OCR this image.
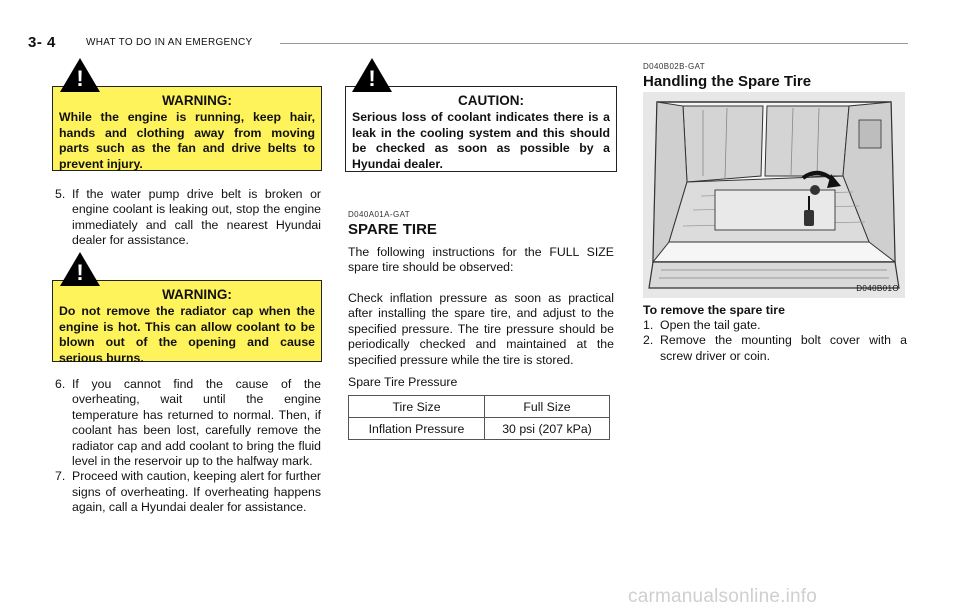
3- 4	WHAT TO DO IN AN EMERGENCY
WARNING:
While the engine is running, keep hair, hands and clothing away from moving parts such as the fan and drive belts to prevent injury.
!
5. If the water pump drive belt is broken or engine coolant is leaking out, stop the engine immediately and call the nearest Hyundai dealer for assistance.
WARNING:
Do not remove the radiator cap when the engine is hot. This can allow coolant to be blown out of the opening and cause serious burns.
!
6. If you cannot find the cause of the overheating, wait until the engine temperature has returned to normal. Then, if coolant has been lost, carefully remove the radiator cap and add coolant to bring the fluid level in the reservoir up to the halfway mark.
7. Proceed with caution, keeping alert for further signs of overheating. If overheating happens again, call a Hyundai dealer for assistance.
CAUTION:
Serious loss of coolant indicates there is a leak in the cooling system and this should be checked as soon as possible by a Hyundai dealer.
!
D040A01A-GAT
SPARE TIRE

The following instructions for the FULL SIZE spare tire should be observed:

Check inflation pressure as soon as practical after installing the spare tire, and adjust to the specified pressure. The tire pressure should be periodically checked and maintained at the specified pressure while the tire is stored.

Spare Tire Pressure

Tire Size	Full Size
Inflation Pressure	30 psi (207 kPa)
D040B02B-GAT
Handling the Spare Tire
D040B01O

To remove the spare tire

1. Open the tail gate.
2. Remove the mounting bolt cover with a screw driver or coin.
carmanualsonline.info
